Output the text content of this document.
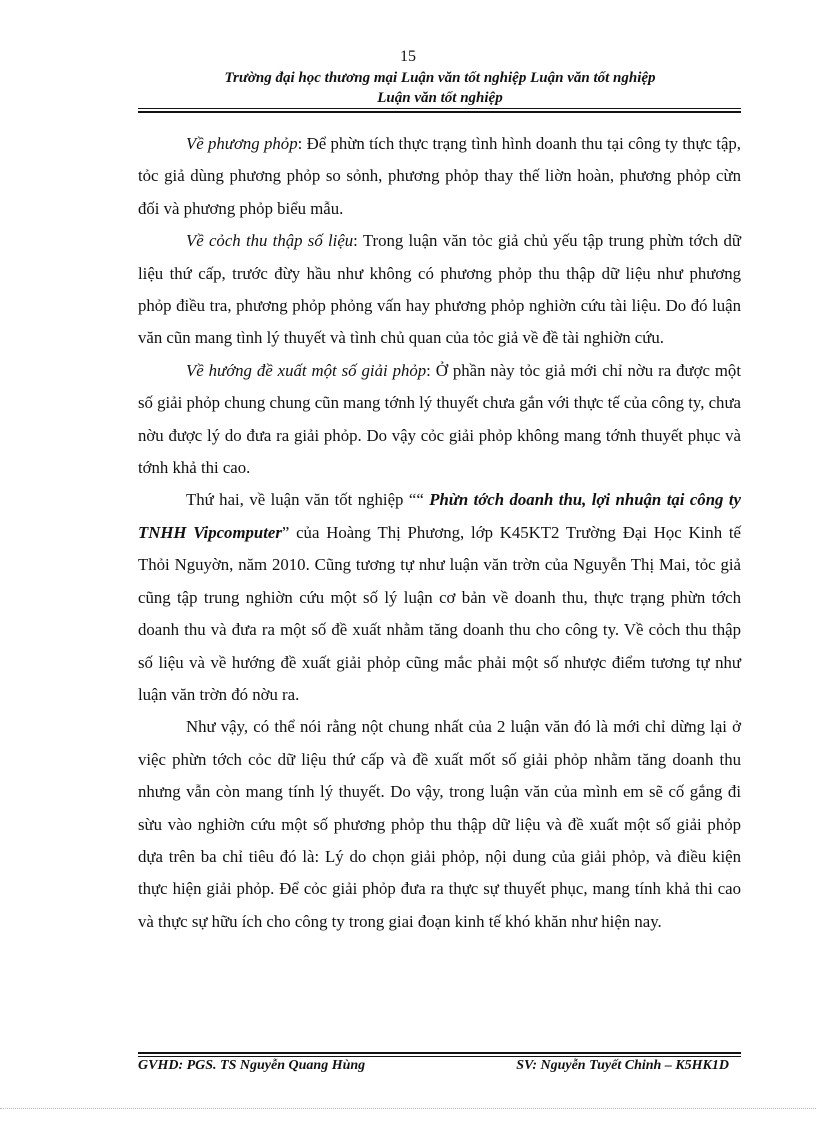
15
Trường đại học thương mại Luận văn tốt nghiệp Luận văn tốt nghiệp
Luận văn tốt nghiệp

Về phương phỏp: Để phừn tích thực trạng tình hình doanh thu tại công ty thực tập, tỏc giả dùng phương phỏp so sỏnh, phương phỏp thay thế liờn hoàn, phương phỏp cừn đối và phương phỏp biểu mẫu.

Về cỏch thu thập số liệu: Trong luận văn tỏc giả chủ yếu tập trung phừn tớch dữ liệu thứ cấp, trước đừy hầu như không có phương phỏp thu thập dữ liệu như phương phỏp điều tra, phương phỏp phỏng vấn hay phương phỏp nghiờn cứu tài liệu. Do đó luận văn cũn mang tình lý thuyết và tình chủ quan của tỏc giả về đề tài nghiờn cứu.

Về hướng đề xuất một số giải phỏp: Ở phần này tỏc giả mới chỉ nờu ra được một số giải phỏp chung chung cũn mang tớnh lý thuyết chưa gắn với thực tế của công ty, chưa nờu được lý do đưa ra giải phỏp. Do vậy cỏc giải phỏp không mang tớnh thuyết phục và tớnh khả thi cao.

Thứ hai, về luận văn tốt nghiệp ““ Phừn tớch doanh thu, lợi nhuận tại công ty TNHH Vipcomputer” của Hoàng Thị Phương, lớp K45KT2 Trường Đại Học Kinh tế Thỏi Nguyờn, năm 2010. Cũng tương tự như luận văn trờn của Nguyễn Thị Mai, tỏc giả cũng tập trung nghiờn cứu một số lý luận cơ bản về doanh thu, thực trạng phừn tớch doanh thu và đưa ra một số đề xuất nhằm tăng doanh thu cho công ty. Về cỏch thu thập số liệu và về hướng đề xuất giải phỏp cũng mắc phải một số nhược điểm tương tự như luận văn trờn đó nờu ra.

Như vậy, có thể nói rằng nột chung nhất của 2 luận văn đó là mới chỉ dừng lại ở việc phừn tớch cỏc dữ liệu thứ cấp và đề xuất mốt số giải phỏp nhằm tăng doanh thu nhưng vẫn còn mang tính lý thuyết. Do vậy, trong luận văn của mình em sẽ cố gắng đi sừu vào nghiờn cứu một số phương phỏp thu thập dữ liệu và đề xuất một số giải phỏp dựa trên ba chỉ tiêu đó là: Lý do chọn giải phỏp, nội dung của giải phỏp, và điều kiện thực hiện giải phỏp. Để cỏc giải phỏp đưa ra thực sự thuyết phục, mang tính khả thi cao và thực sự hữu ích cho công ty trong giai đoạn kinh tế khó khăn như hiện nay.

GVHD: PGS. TS Nguyễn Quang Hùng	SV: Nguyễn Tuyết Chinh – K5HK1D
